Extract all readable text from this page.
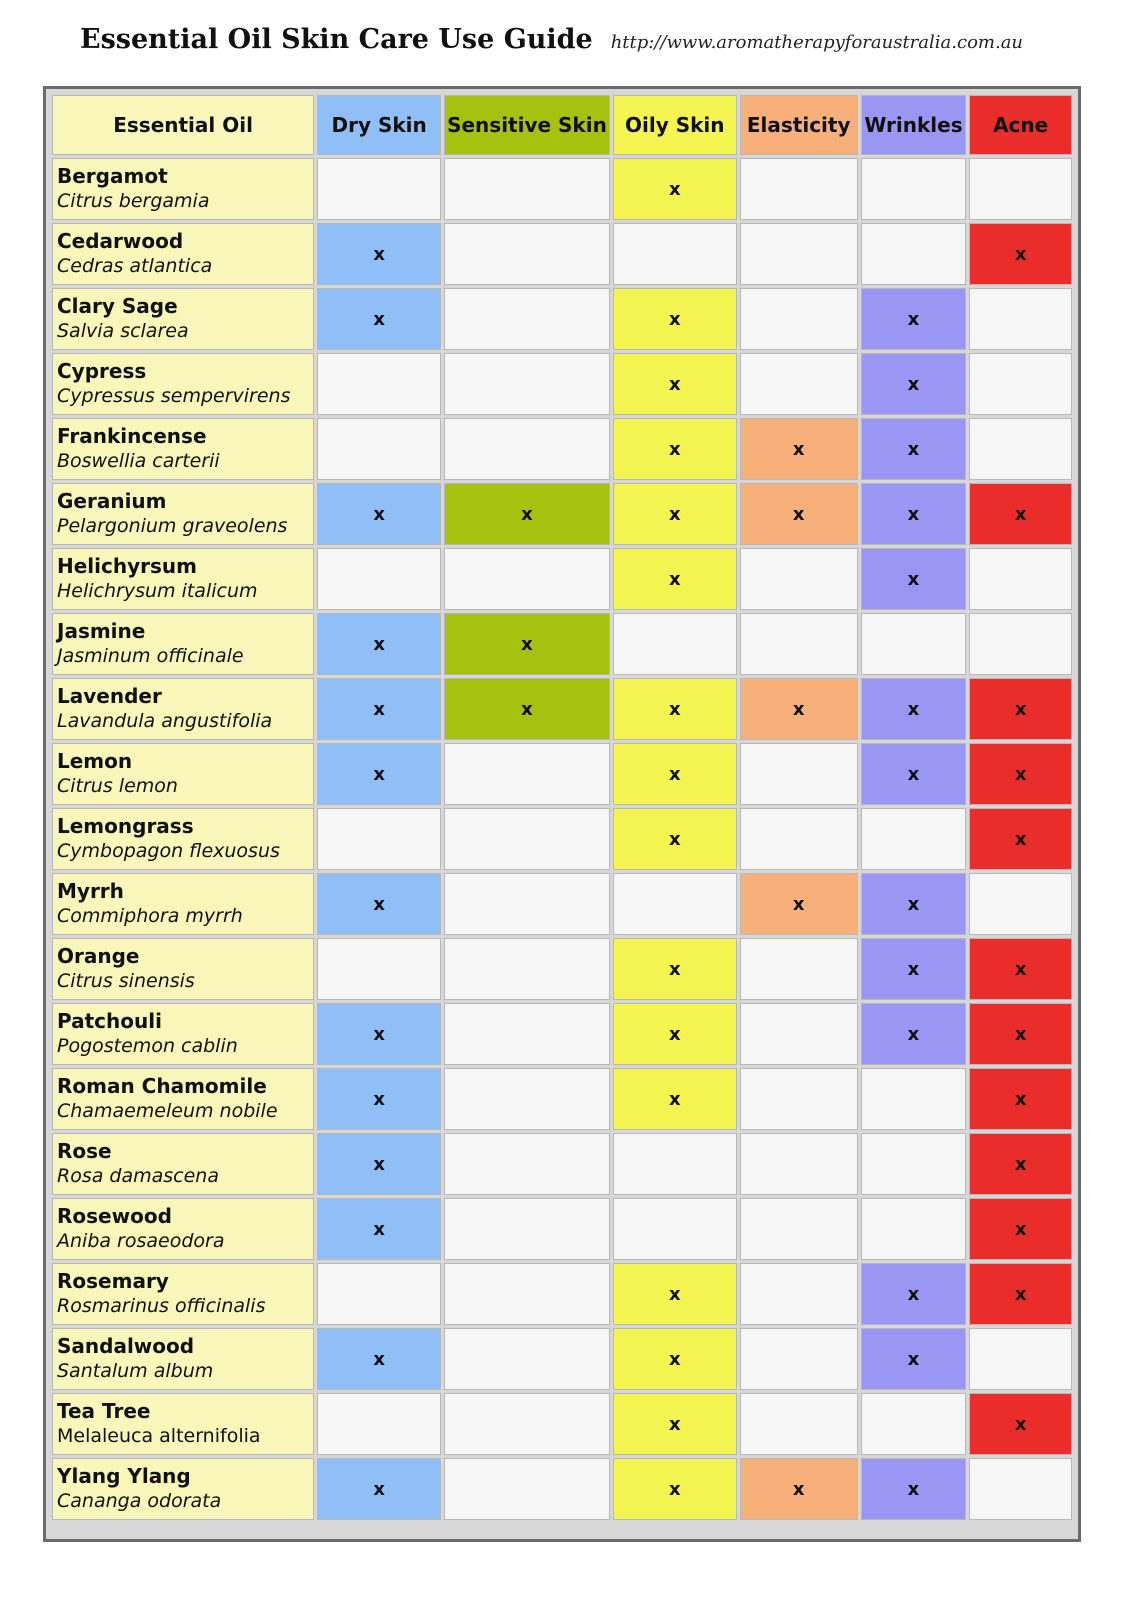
Essential Oil Skin Care Use Guide http://www.aromatherapyforaustralia.com.au
Essential Oil	Dry Skin	Sensitive Skin	Oily Skin	Elasticity	Wrinkles	Acne

Bergamot
Citrus bergamia			x			

Cedarwood
Cedras atlantica	x					x

Clary Sage
Salvia sclarea	x		x		x	

Cypress
Cypressus sempervirens			x		x	

Frankincense
Boswellia carterii			x	x	x	

Geranium
Pelargonium graveolens	x	x	x	x	x	x

Helichyrsum
Helichrysum italicum			x		x	

Jasmine
Jasminum officinale	x	x				

Lavender
Lavandula angustifolia	x	x	x	x	x	x

Lemon
Citrus lemon	x		x		x	x

Lemongrass
Cymbopagon flexuosus			x			x

Myrrh
Commiphora myrrh	x			x	x	

Orange
Citrus sinensis			x		x	x

Patchouli
Pogostemon cablin	x		x		x	x

Roman Chamomile
Chamaemeleum nobile	x		x			x

Rose
Rosa damascena	x					x

Rosewood
Aniba rosaeodora	x					x

Rosemary
Rosmarinus officinalis			x		x	x

Sandalwood
Santalum album	x		x		x	

Tea Tree
Melaleuca alternifolia			x			x

Ylang Ylang
Cananga odorata	x		x	x	x	
